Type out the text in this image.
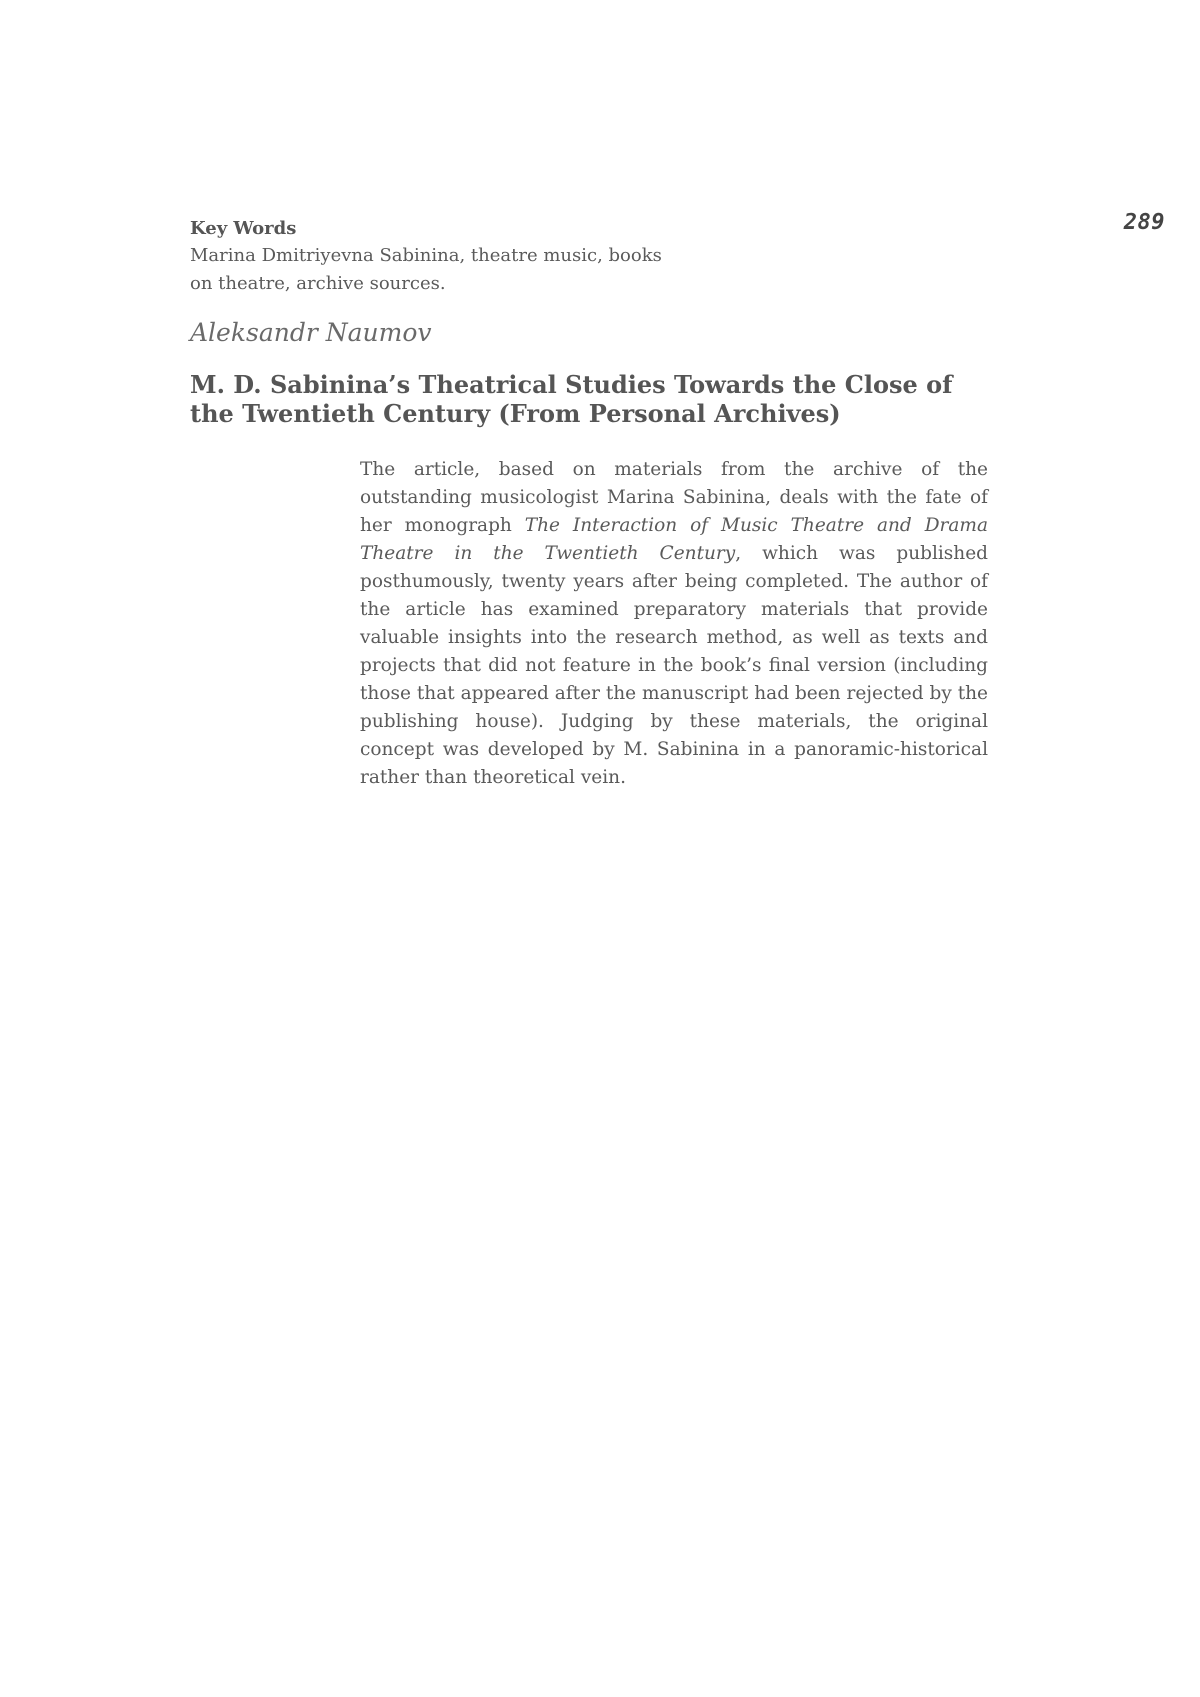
289
Key Words
Marina Dmitriyevna Sabinina, theatre music, books on theatre, archive sources.
Aleksandr Naumov
M. D. Sabinina’s Theatrical Studies Towards the Close of the Twentieth Century (From Personal Archives)
The article, based on materials from the archive of the outstanding musicologist Marina Sabinina, deals with the fate of her monograph The Interaction of Music Theatre and Drama Theatre in the Twentieth Century, which was published posthumously, twenty years after being completed. The author of the article has examined preparatory materials that provide valuable insights into the research method, as well as texts and projects that did not feature in the book’s final version (including those that appeared after the manuscript had been rejected by the publishing house). Judging by these materials, the original concept was developed by M. Sabinina in a panoramic-historical rather than theoretical vein.
